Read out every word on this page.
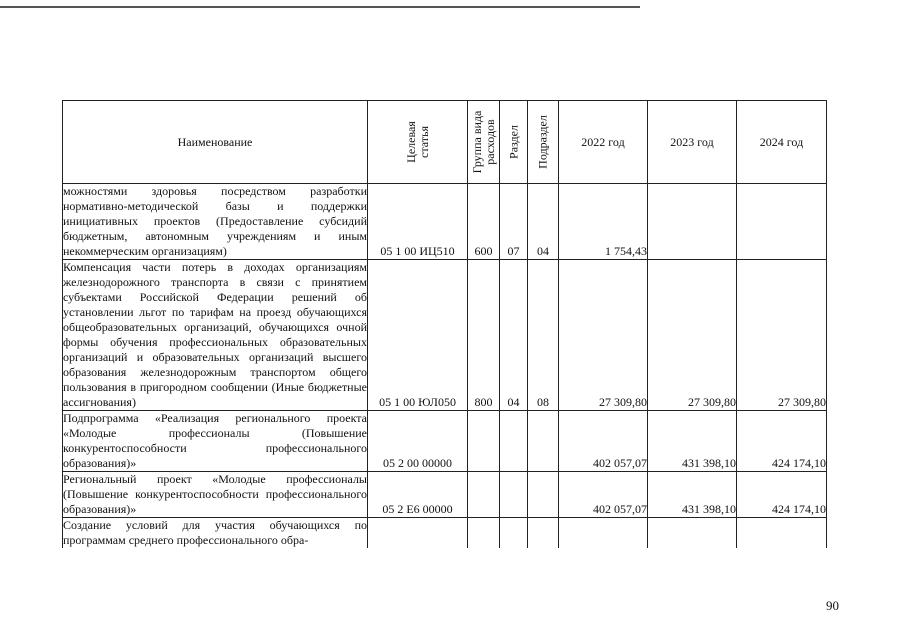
Наименование	Целевая статья	Группа вида расходов	Раздел	Подраздел	2022 год	2023 год	2024 год
можностями здоровья посредством разработки нормативно-методической базы и поддержки инициативных проектов (Предоставление субсидий бюджетным, автономным учреждениям и иным некоммерческим организациям)	05 1 00 ИЦ510	600	07	04	1 754,43		
Компенсация части потерь в доходах организациям железнодорожного транспорта в связи с принятием субъектами Российской Федерации решений об установлении льгот по тарифам на проезд обучающихся общеобразовательных организаций, обучающихся очной формы обучения профессиональных образовательных организаций и образовательных организаций высшего образования железнодорожным транспортом общего пользования в пригородном сообщении (Иные бюджетные ассигнования)	05 1 00 ЮЛ050	800	04	08	27 309,80	27 309,80	27 309,80
Подпрограмма «Реализация регионального проекта «Молодые профессионалы (Повышение конкурентоспособности профессионального образования)»	05 2 00 00000				402 057,07	431 398,10	424 174,10
Региональный проект «Молодые профессионалы (Повышение конкурентоспособности профессионального образования)»	05 2 Е6 00000				402 057,07	431 398,10	424 174,10
Создание условий для участия обучающихся по программам среднего профессионального обра-							
90
